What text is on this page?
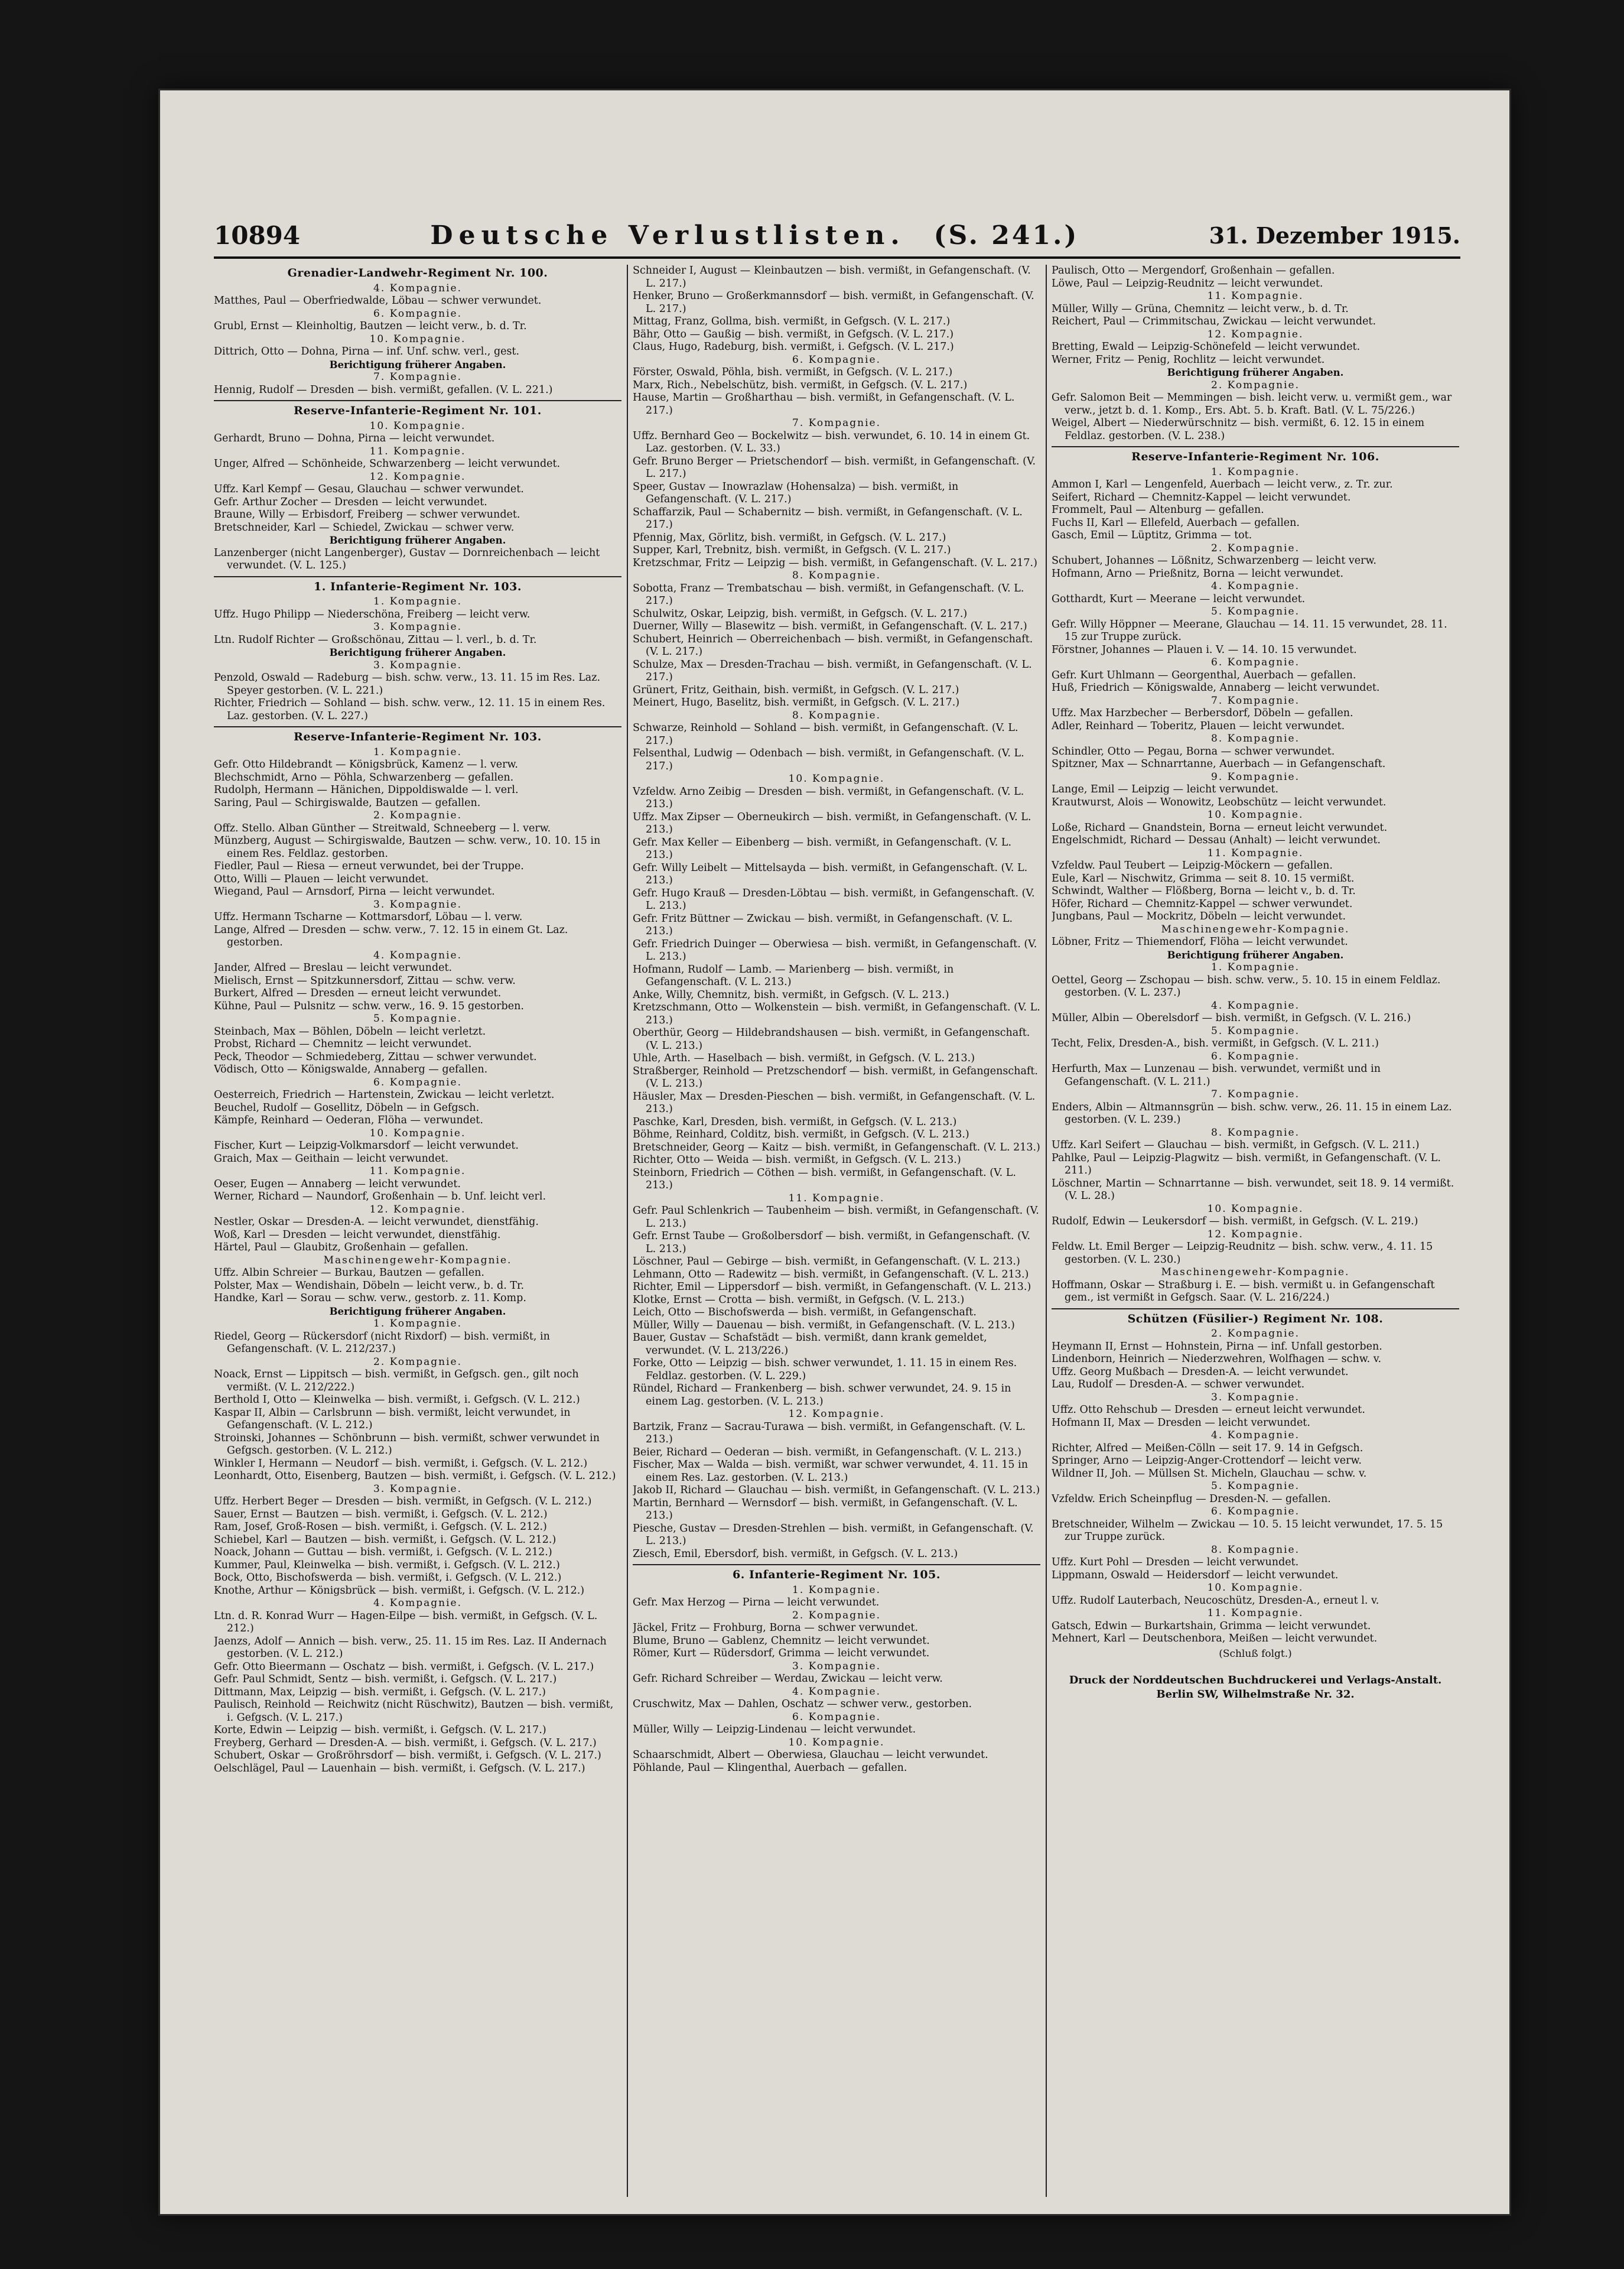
10894	Deutsche Verlustlisten. (S. 241.)	31. Dezember 1915.
Grenadier-Landwehr-Regiment Nr. 100.
4. Kompagnie.
Matthes, Paul — Oberfriedwalde, Löbau — schwer verwundet.
6. Kompagnie.
Grubl, Ernst — Kleinholtig, Bautzen — leicht verw., b. d. Tr.
10. Kompagnie.
Dittrich, Otto — Dohna, Pirna — inf. Unf. schw. verl., gest.
Berichtigung früherer Angaben.
7. Kompagnie.
Hennig, Rudolf — Dresden — bish. vermißt, gefallen. (V. L. 221.)
Reserve-Infanterie-Regiment Nr. 101.
10. Kompagnie.
Gerhardt, Bruno — Dohna, Pirna — leicht verwundet.
11. Kompagnie.
Unger, Alfred — Schönheide, Schwarzenberg — leicht verwundet.
12. Kompagnie.
Uffz. Karl Kempf — Gesau, Glauchau — schwer verwundet.
Gefr. Arthur Zocher — Dresden — leicht verwundet.
Braune, Willy — Erbisdorf, Freiberg — schwer verwundet.
Bretschneider, Karl — Schiedel, Zwickau — schwer verw.
Berichtigung früherer Angaben.
Lanzenberger (nicht Langenberger), Gustav — Dornreichenbach — leicht verwundet. (V. L. 125.)
1. Infanterie-Regiment Nr. 103.
1. Kompagnie.
Uffz. Hugo Philipp — Niederschöna, Freiberg — leicht verw.
3. Kompagnie.
Ltn. Rudolf Richter — Großschönau, Zittau — l. verl., b. d. Tr.
Berichtigung früherer Angaben.
3. Kompagnie.
Penzold, Oswald — Radeburg — bish. schw. verw., 13. 11. 15 im Res. Laz. Speyer gestorben. (V. L. 221.)
Richter, Friedrich — Sohland — bish. schw. verw., 12. 11. 15 in einem Res. Laz. gestorben. (V. L. 227.)
Reserve-Infanterie-Regiment Nr. 103.
1. Kompagnie.
Gefr. Otto Hildebrandt — Königsbrück, Kamenz — l. verw.
Blechschmidt, Arno — Pöhla, Schwarzenberg — gefallen.
Rudolph, Hermann — Hänichen, Dippoldiswalde — l. verl.
Saring, Paul — Schirgiswalde, Bautzen — gefallen.
2. Kompagnie.
Offz. Stello. Alban Günther — Streitwald, Schneeberg — l. verw.
Münzberg, August — Schirgiswalde, Bautzen — schw. verw., 10. 10. 15 in einem Res. Feldlaz. gestorben.
Fiedler, Paul — Riesa — erneut verwundet, bei der Truppe.
Otto, Willi — Plauen — leicht verwundet.
Wiegand, Paul — Arnsdorf, Pirna — leicht verwundet.
3. Kompagnie.
Uffz. Hermann Tscharne — Kottmarsdorf, Löbau — l. verw.
Lange, Alfred — Dresden — schw. verw., 7. 12. 15 in einem Gt. Laz. gestorben.
4. Kompagnie.
Jander, Alfred — Breslau — leicht verwundet.
Mielisch, Ernst — Spitzkunnersdorf, Zittau — schw. verw.
Burkert, Alfred — Dresden — erneut leicht verwundet.
Kühne, Paul — Pulsnitz — schw. verw., 16. 9. 15 gestorben.
5. Kompagnie.
Steinbach, Max — Böhlen, Döbeln — leicht verletzt.
Probst, Richard — Chemnitz — leicht verwundet.
Peck, Theodor — Schmiedeberg, Zittau — schwer verwundet.
Vödisch, Otto — Königswalde, Annaberg — gefallen.
6. Kompagnie.
Oesterreich, Friedrich — Hartenstein, Zwickau — leicht verletzt.
Beuchel, Rudolf — Gosellitz, Döbeln — in Gefgsch.
Kämpfe, Reinhard — Oederan, Flöha — verwundet.
10. Kompagnie.
Fischer, Kurt — Leipzig-Volkmarsdorf — leicht verwundet.
Graich, Max — Geithain — leicht verwundet.
11. Kompagnie.
Oeser, Eugen — Annaberg — leicht verwundet.
Werner, Richard — Naundorf, Großenhain — b. Unf. leicht verl.
12. Kompagnie.
Nestler, Oskar — Dresden-A. — leicht verwundet, dienstfähig.
Woß, Karl — Dresden — leicht verwundet, dienstfähig.
Härtel, Paul — Glaubitz, Großenhain — gefallen.
Maschinengewehr-Kompagnie.
Uffz. Albin Schreier — Burkau, Bautzen — gefallen.
Polster, Max — Wendishain, Döbeln — leicht verw., b. d. Tr.
Handke, Karl — Sorau — schw. verw., gestorb. z. 11. Komp.
Berichtigung früherer Angaben.
1. Kompagnie.
Riedel, Georg — Rückersdorf (nicht Rixdorf) — bish. vermißt, in Gefangenschaft. (V. L. 212/237.)
2. Kompagnie.
Noack, Ernst — Lippitsch — bish. vermißt, in Gefgsch. gen., gilt noch vermißt. (V. L. 212/222.)
Berthold I, Otto — Kleinwelka — bish. vermißt, i. Gefgsch. (V. L. 212.)
Kaspar II, Albin — Carlsbrunn — bish. vermißt, leicht verwundet, in Gefangenschaft. (V. L. 212.)
Stroinski, Johannes — Schönbrunn — bish. vermißt, schwer verwundet in Gefgsch. gestorben. (V. L. 212.)
Winkler I, Hermann — Neudorf — bish. vermißt, i. Gefgsch. (V. L. 212.)
Leonhardt, Otto, Eisenberg, Bautzen — bish. vermißt, i. Gefgsch. (V. L. 212.)
3. Kompagnie.
Uffz. Herbert Beger — Dresden — bish. vermißt, in Gefgsch. (V. L. 212.)
Sauer, Ernst — Bautzen — bish. vermißt, i. Gefgsch. (V. L. 212.)
Ram, Josef, Groß-Rosen — bish. vermißt, i. Gefgsch. (V. L. 212.)
Schiebel, Karl — Bautzen — bish. vermißt, i. Gefgsch. (V. L. 212.)
Noack, Johann — Guttau — bish. vermißt, i. Gefgsch. (V. L. 212.)
Kummer, Paul, Kleinwelka — bish. vermißt, i. Gefgsch. (V. L. 212.)
Bock, Otto, Bischofswerda — bish. vermißt, i. Gefgsch. (V. L. 212.)
Knothe, Arthur — Königsbrück — bish. vermißt, i. Gefgsch. (V. L. 212.)
4. Kompagnie.
Ltn. d. R. Konrad Wurr — Hagen-Eilpe — bish. vermißt, in Gefgsch. (V. L. 212.)
Jaenzs, Adolf — Annich — bish. verw., 25. 11. 15 im Res. Laz. II Andernach gestorben. (V. L. 212.)
Gefr. Otto Bieermann — Oschatz — bish. vermißt, i. Gefgsch. (V. L. 217.)
Gefr. Paul Schmidt, Sentz — bish. vermißt, i. Gefgsch. (V. L. 217.)
Dittmann, Max, Leipzig — bish. vermißt, i. Gefgsch. (V. L. 217.)
Paulisch, Reinhold — Reichwitz (nicht Rüschwitz), Bautzen — bish. vermißt, i. Gefgsch. (V. L. 217.)
Korte, Edwin — Leipzig — bish. vermißt, i. Gefgsch. (V. L. 217.)
Freyberg, Gerhard — Dresden-A. — bish. vermißt, i. Gefgsch. (V. L. 217.)
Schubert, Oskar — Großröhrsdorf — bish. vermißt, i. Gefgsch. (V. L. 217.)
Oelschlägel, Paul — Lauenhain — bish. vermißt, i. Gefgsch. (V. L. 217.)
Schneider I, August — Kleinbautzen — bish. vermißt, in Gefangenschaft. (V. L. 217.)
Henker, Bruno — Großerkmannsdorf — bish. vermißt, in Gefangenschaft. (V. L. 217.)
Mittag, Franz, Gollma, bish. vermißt, in Gefgsch. (V. L. 217.)
Bähr, Otto — Gaußig — bish. vermißt, in Gefgsch. (V. L. 217.)
Claus, Hugo, Radeburg, bish. vermißt, i. Gefgsch. (V. L. 217.)
6. Kompagnie.
Förster, Oswald, Pöhla, bish. vermißt, in Gefgsch. (V. L. 217.)
Marx, Rich., Nebelschütz, bish. vermißt, in Gefgsch. (V. L. 217.)
Hause, Martin — Großharthau — bish. vermißt, in Gefangenschaft. (V. L. 217.)
7. Kompagnie.
Uffz. Bernhard Geo — Bockelwitz — bish. verwundet, 6. 10. 14 in einem Gt. Laz. gestorben. (V. L. 33.)
Gefr. Bruno Berger — Prietschendorf — bish. vermißt, in Gefangenschaft. (V. L. 217.)
Speer, Gustav — Inowrazlaw (Hohensalza) — bish. vermißt, in Gefangenschaft. (V. L. 217.)
Schaffarzik, Paul — Schabernitz — bish. vermißt, in Gefangenschaft. (V. L. 217.)
Pfennig, Max, Görlitz, bish. vermißt, in Gefgsch. (V. L. 217.)
Supper, Karl, Trebnitz, bish. vermißt, in Gefgsch. (V. L. 217.)
Kretzschmar, Fritz — Leipzig — bish. vermißt, in Gefangenschaft. (V. L. 217.)
8. Kompagnie.
Sobotta, Franz — Trembatschau — bish. vermißt, in Gefangenschaft. (V. L. 217.)
Schulwitz, Oskar, Leipzig, bish. vermißt, in Gefgsch. (V. L. 217.)
Duerner, Willy — Blasewitz — bish. vermißt, in Gefangenschaft. (V. L. 217.)
Schubert, Heinrich — Oberreichenbach — bish. vermißt, in Gefangenschaft. (V. L. 217.)
Schulze, Max — Dresden-Trachau — bish. vermißt, in Gefangenschaft. (V. L. 217.)
Grünert, Fritz, Geithain, bish. vermißt, in Gefgsch. (V. L. 217.)
Meinert, Hugo, Baselitz, bish. vermißt, in Gefgsch. (V. L. 217.)
8. Kompagnie.
Schwarze, Reinhold — Sohland — bish. vermißt, in Gefangenschaft. (V. L. 217.)
Felsenthal, Ludwig — Odenbach — bish. vermißt, in Gefangenschaft. (V. L. 217.)
10. Kompagnie.
Vzfeldw. Arno Zeibig — Dresden — bish. vermißt, in Gefangenschaft. (V. L. 213.)
Uffz. Max Zipser — Oberneukirch — bish. vermißt, in Gefangenschaft. (V. L. 213.)
Gefr. Max Keller — Eibenberg — bish. vermißt, in Gefangenschaft. (V. L. 213.)
Gefr. Willy Leibelt — Mittelsayda — bish. vermißt, in Gefangenschaft. (V. L. 213.)
Gefr. Hugo Krauß — Dresden-Löbtau — bish. vermißt, in Gefangenschaft. (V. L. 213.)
Gefr. Fritz Büttner — Zwickau — bish. vermißt, in Gefangenschaft. (V. L. 213.)
Gefr. Friedrich Duinger — Oberwiesa — bish. vermißt, in Gefangenschaft. (V. L. 213.)
Hofmann, Rudolf — Lamb. — Marienberg — bish. vermißt, in Gefangenschaft. (V. L. 213.)
Anke, Willy, Chemnitz, bish. vermißt, in Gefgsch. (V. L. 213.)
Kretzschmann, Otto — Wolkenstein — bish. vermißt, in Gefangenschaft. (V. L. 213.)
Oberthür, Georg — Hildebrandshausen — bish. vermißt, in Gefangenschaft. (V. L. 213.)
Uhle, Arth. — Haselbach — bish. vermißt, in Gefgsch. (V. L. 213.)
Straßberger, Reinhold — Pretzschendorf — bish. vermißt, in Gefangenschaft. (V. L. 213.)
Häusler, Max — Dresden-Pieschen — bish. vermißt, in Gefangenschaft. (V. L. 213.)
Paschke, Karl, Dresden, bish. vermißt, in Gefgsch. (V. L. 213.)
Böhme, Reinhard, Colditz, bish. vermißt, in Gefgsch. (V. L. 213.)
Bretschneider, Georg — Kaitz — bish. vermißt, in Gefangenschaft. (V. L. 213.)
Richter, Otto — Weida — bish. vermißt, in Gefgsch. (V. L. 213.)
Steinborn, Friedrich — Cöthen — bish. vermißt, in Gefangenschaft. (V. L. 213.)
11. Kompagnie.
Gefr. Paul Schlenkrich — Taubenheim — bish. vermißt, in Gefangenschaft. (V. L. 213.)
Gefr. Ernst Taube — Großolbersdorf — bish. vermißt, in Gefangenschaft. (V. L. 213.)
Löschner, Paul — Gebirge — bish. vermißt, in Gefangenschaft. (V. L. 213.)
Lehmann, Otto — Radewitz — bish. vermißt, in Gefangenschaft. (V. L. 213.)
Richter, Emil — Lippersdorf — bish. vermißt, in Gefangenschaft. (V. L. 213.)
Klotke, Ernst — Crotta — bish. vermißt, in Gefgsch. (V. L. 213.)
Leich, Otto — Bischofswerda — bish. vermißt, in Gefangenschaft.
Müller, Willy — Dauenau — bish. vermißt, in Gefangenschaft. (V. L. 213.)
Bauer, Gustav — Schafstädt — bish. vermißt, dann krank gemeldet, verwundet. (V. L. 213/226.)
Forke, Otto — Leipzig — bish. schwer verwundet, 1. 11. 15 in einem Res. Feldlaz. gestorben. (V. L. 229.)
Ründel, Richard — Frankenberg — bish. schwer verwundet, 24. 9. 15 in einem Lag. gestorben. (V. L. 213.)
12. Kompagnie.
Bartzik, Franz — Sacrau-Turawa — bish. vermißt, in Gefangenschaft. (V. L. 213.)
Beier, Richard — Oederan — bish. vermißt, in Gefangenschaft. (V. L. 213.)
Fischer, Max — Walda — bish. vermißt, war schwer verwundet, 4. 11. 15 in einem Res. Laz. gestorben. (V. L. 213.)
Jakob II, Richard — Glauchau — bish. vermißt, in Gefangenschaft. (V. L. 213.)
Martin, Bernhard — Wernsdorf — bish. vermißt, in Gefangenschaft. (V. L. 213.)
Piesche, Gustav — Dresden-Strehlen — bish. vermißt, in Gefangenschaft. (V. L. 213.)
Ziesch, Emil, Ebersdorf, bish. vermißt, in Gefgsch. (V. L. 213.)
6. Infanterie-Regiment Nr. 105.
1. Kompagnie.
Gefr. Max Herzog — Pirna — leicht verwundet.
2. Kompagnie.
Jäckel, Fritz — Frohburg, Borna — schwer verwundet.
Blume, Bruno — Gablenz, Chemnitz — leicht verwundet.
Römer, Kurt — Rüdersdorf, Grimma — leicht verwundet.
3. Kompagnie.
Gefr. Richard Schreiber — Werdau, Zwickau — leicht verw.
4. Kompagnie.
Cruschwitz, Max — Dahlen, Oschatz — schwer verw., gestorben.
6. Kompagnie.
Müller, Willy — Leipzig-Lindenau — leicht verwundet.
10. Kompagnie.
Schaarschmidt, Albert — Oberwiesa, Glauchau — leicht verwundet.
Pöhlande, Paul — Klingenthal, Auerbach — gefallen.
Paulisch, Otto — Mergendorf, Großenhain — gefallen.
Löwe, Paul — Leipzig-Reudnitz — leicht verwundet.
11. Kompagnie.
Müller, Willy — Grüna, Chemnitz — leicht verw., b. d. Tr.
Reichert, Paul — Crimmitschau, Zwickau — leicht verwundet.
12. Kompagnie.
Bretting, Ewald — Leipzig-Schönefeld — leicht verwundet.
Werner, Fritz — Penig, Rochlitz — leicht verwundet.
Berichtigung früherer Angaben.
2. Kompagnie.
Gefr. Salomon Beit — Memmingen — bish. leicht verw. u. vermißt gem., war verw., jetzt b. d. 1. Komp., Ers. Abt. 5. b. Kraft. Batl. (V. L. 75/226.)
Weigel, Albert — Niederwürschnitz — bish. vermißt, 6. 12. 15 in einem Feldlaz. gestorben. (V. L. 238.)
Reserve-Infanterie-Regiment Nr. 106.
1. Kompagnie.
Ammon I, Karl — Lengenfeld, Auerbach — leicht verw., z. Tr. zur.
Seifert, Richard — Chemnitz-Kappel — leicht verwundet.
Frommelt, Paul — Altenburg — gefallen.
Fuchs II, Karl — Ellefeld, Auerbach — gefallen.
Gasch, Emil — Lüptitz, Grimma — tot.
2. Kompagnie.
Schubert, Johannes — Lößnitz, Schwarzenberg — leicht verw.
Hofmann, Arno — Prießnitz, Borna — leicht verwundet.
4. Kompagnie.
Gotthardt, Kurt — Meerane — leicht verwundet.
5. Kompagnie.
Gefr. Willy Höppner — Meerane, Glauchau — 14. 11. 15 verwundet, 28. 11. 15 zur Truppe zurück.
Förstner, Johannes — Plauen i. V. — 14. 10. 15 verwundet.
6. Kompagnie.
Gefr. Kurt Uhlmann — Georgenthal, Auerbach — gefallen.
Huß, Friedrich — Königswalde, Annaberg — leicht verwundet.
7. Kompagnie.
Uffz. Max Harzbecher — Berbersdorf, Döbeln — gefallen.
Adler, Reinhard — Toberitz, Plauen — leicht verwundet.
8. Kompagnie.
Schindler, Otto — Pegau, Borna — schwer verwundet.
Spitzner, Max — Schnarrtanne, Auerbach — in Gefangenschaft.
9. Kompagnie.
Lange, Emil — Leipzig — leicht verwundet.
Krautwurst, Alois — Wonowitz, Leobschütz — leicht verwundet.
10. Kompagnie.
Loße, Richard — Gnandstein, Borna — erneut leicht verwundet.
Engelschmidt, Richard — Dessau (Anhalt) — leicht verwundet.
11. Kompagnie.
Vzfeldw. Paul Teubert — Leipzig-Möckern — gefallen.
Eule, Karl — Nischwitz, Grimma — seit 8. 10. 15 vermißt.
Schwindt, Walther — Flößberg, Borna — leicht v., b. d. Tr.
Höfer, Richard — Chemnitz-Kappel — schwer verwundet.
Jungbans, Paul — Mockritz, Döbeln — leicht verwundet.
Maschinengewehr-Kompagnie.
Löbner, Fritz — Thiemendorf, Flöha — leicht verwundet.
Berichtigung früherer Angaben.
1. Kompagnie.
Oettel, Georg — Zschopau — bish. schw. verw., 5. 10. 15 in einem Feldlaz. gestorben. (V. L. 237.)
4. Kompagnie.
Müller, Albin — Oberelsdorf — bish. vermißt, in Gefgsch. (V. L. 216.)
5. Kompagnie.
Techt, Felix, Dresden-A., bish. vermißt, in Gefgsch. (V. L. 211.)
6. Kompagnie.
Herfurth, Max — Lunzenau — bish. verwundet, vermißt und in Gefangenschaft. (V. L. 211.)
7. Kompagnie.
Enders, Albin — Altmannsgrün — bish. schw. verw., 26. 11. 15 in einem Laz. gestorben. (V. L. 239.)
8. Kompagnie.
Uffz. Karl Seifert — Glauchau — bish. vermißt, in Gefgsch. (V. L. 211.)
Pahlke, Paul — Leipzig-Plagwitz — bish. vermißt, in Gefangenschaft. (V. L. 211.)
Löschner, Martin — Schnarrtanne — bish. verwundet, seit 18. 9. 14 vermißt. (V. L. 28.)
10. Kompagnie.
Rudolf, Edwin — Leukersdorf — bish. vermißt, in Gefgsch. (V. L. 219.)
12. Kompagnie.
Feldw. Lt. Emil Berger — Leipzig-Reudnitz — bish. schw. verw., 4. 11. 15 gestorben. (V. L. 230.)
Maschinengewehr-Kompagnie.
Hoffmann, Oskar — Straßburg i. E. — bish. vermißt u. in Gefangenschaft gem., ist vermißt in Gefgsch. Saar. (V. L. 216/224.)
Schützen (Füsilier-) Regiment Nr. 108.
2. Kompagnie.
Heymann II, Ernst — Hohnstein, Pirna — inf. Unfall gestorben.
Lindenborn, Heinrich — Niederzwehren, Wolfhagen — schw. v.
Uffz. Georg Mußbach — Dresden-A. — leicht verwundet.
Lau, Rudolf — Dresden-A. — schwer verwundet.
3. Kompagnie.
Uffz. Otto Rehschub — Dresden — erneut leicht verwundet.
Hofmann II, Max — Dresden — leicht verwundet.
4. Kompagnie.
Richter, Alfred — Meißen-Cölln — seit 17. 9. 14 in Gefgsch.
Springer, Arno — Leipzig-Anger-Crottendorf — leicht verw.
Wildner II, Joh. — Müllsen St. Micheln, Glauchau — schw. v.
5. Kompagnie.
Vzfeldw. Erich Scheinpflug — Dresden-N. — gefallen.
6. Kompagnie.
Bretschneider, Wilhelm — Zwickau — 10. 5. 15 leicht verwundet, 17. 5. 15 zur Truppe zurück.
8. Kompagnie.
Uffz. Kurt Pohl — Dresden — leicht verwundet.
Lippmann, Oswald — Heidersdorf — leicht verwundet.
10. Kompagnie.
Uffz. Rudolf Lauterbach, Neucoschütz, Dresden-A., erneut l. v.
11. Kompagnie.
Gatsch, Edwin — Burkartshain, Grimma — leicht verwundet.
Mehnert, Karl — Deutschenbora, Meißen — leicht verwundet.
(Schluß folgt.)
Druck der Norddeutschen Buchdruckerei und Verlags-Anstalt.
Berlin SW, Wilhelmstraße Nr. 32.
